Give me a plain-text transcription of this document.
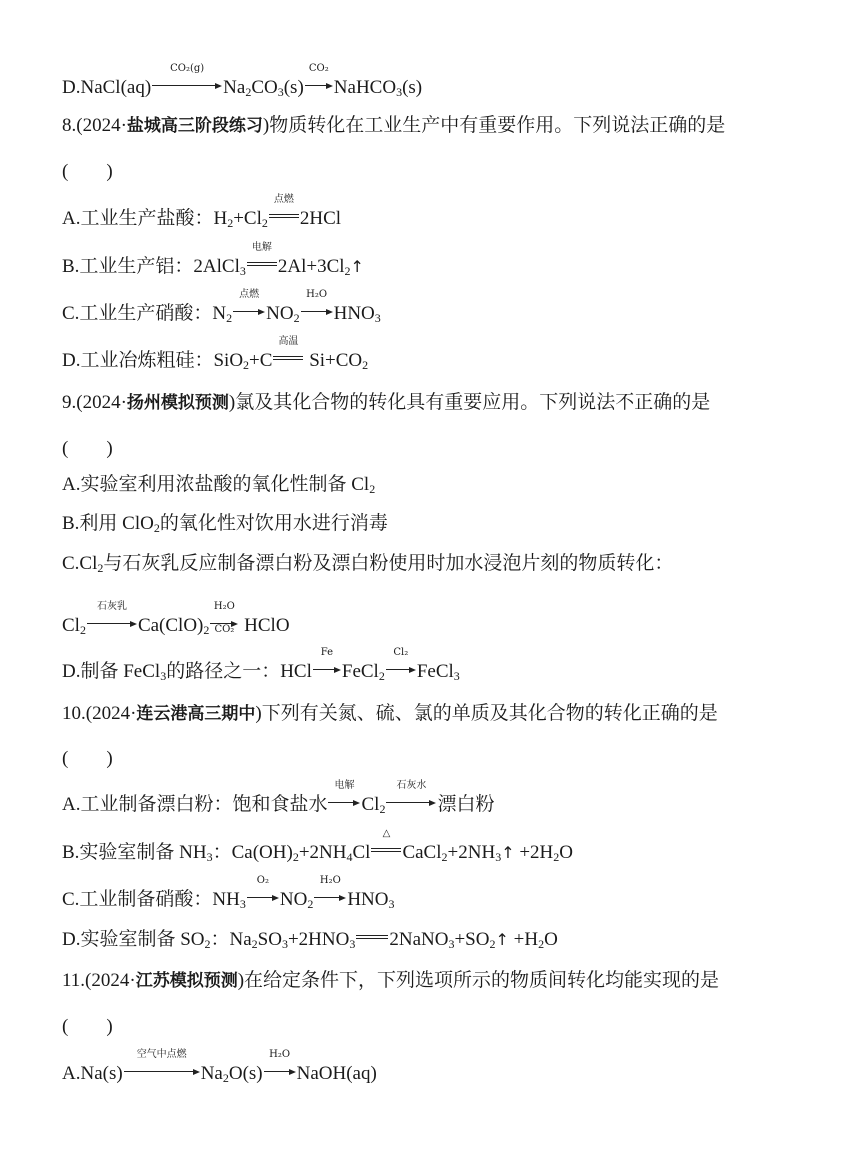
D.NaCl(aq)
CO₂(g)
$Na_2CO_3(s)$
CO₂
NaHCO$_3$(s)
8.(2024·盐城高三阶段练习)物质转化在工业生产中有重要作用。下列说法正确的是
(　　)
A.工业生产盐酸：$H_2+Cl_2$
点燃
2HCl
B.工业生产铝：2AlCl$_3$
电解
$2Al+3Cl_2↑$
C.工业生产硝酸：$N_2$
点燃
$NO_2$
H₂O
$HNO_3$
D.工业冶炼粗硅：SiO$_2$+C
高温
$Si+CO_2$
9.(2024·扬州模拟预测)氯及其化合物的转化具有重要应用。下列说法不正确的是
(　　)
A.实验室利用浓盐酸的氧化性制备 $Cl_2$
B.利用 ClO$_2$的氧化性对饮用水进行消毒
$C.Cl_2$与石灰乳反应制备漂白粉及漂白粉使用时加水浸泡片刻的物质转化：
$Cl_2$
石灰乳
$Ca(ClO)_2 \frac{\text{H₂O}}{\text{CO₂}}$ HClO
D.制备 FeCl$_3$的路径之一：HCl
Fe
FeCl$_2$
Cl₂
FeCl$_3$
10.(2024·连云港高三期中)下列有关氮、硫、氯的单质及其化合物的转化正确的是
(　　)
A.工业制备漂白粉：饱和食盐水
电解
$Cl_2$
石灰水
漂白粉
B.实验室制备 $NH_3$：$Ca(OH)_2+2NH_4Cl$
△
$CaCl_2+2NH_3↑ +2H_2O$
C.工业制备硝酸：$NH_3$
O₂
$NO_2$
H₂O
$HNO_3$
D.实验室制备 $SO_2$：$Na_2SO_3+2HNO_3$ $2NaNO_3+SO_2↑ +H_2O$
11.(2024·江苏模拟预测)在给定条件下，下列选项所示的物质间转化均能实现的是
(　　)
A.Na(s)
空气中点燃
$Na_2O(s)$
H₂O
NaOH(aq)
